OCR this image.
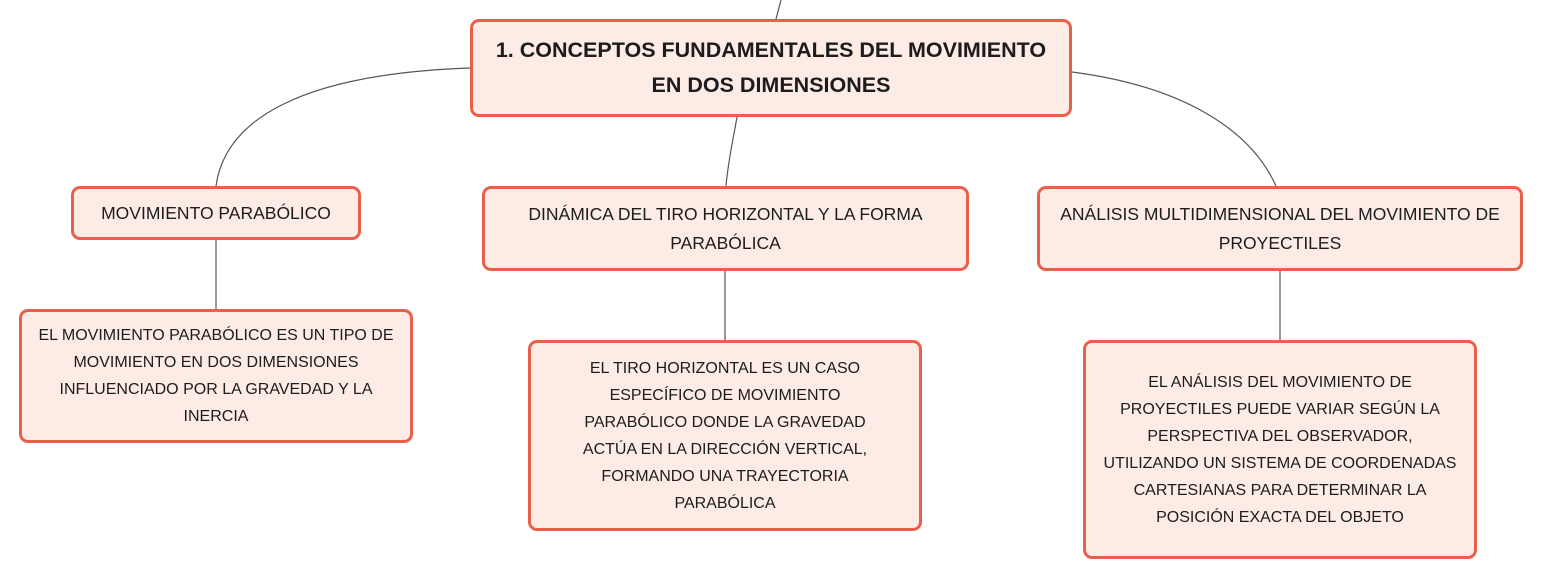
1. CONCEPTOS FUNDAMENTALES DEL MOVIMIENTO EN DOS DIMENSIONES
MOVIMIENTO PARABÓLICO	DINÁMICA DEL TIRO HORIZONTAL Y LA FORMA PARABÓLICA
ANÁLISIS MULTIDIMENSIONAL DEL MOVIMIENTO DE PROYECTILES
EL MOVIMIENTO PARABÓLICO ES UN TIPO DE MOVIMIENTO EN DOS DIMENSIONES INFLUENCIADO POR LA GRAVEDAD Y LA INERCIA
EL TIRO HORIZONTAL ES UN CASO ESPECÍFICO DE MOVIMIENTO PARABÓLICO DONDE LA GRAVEDAD ACTÚA EN LA DIRECCIÓN VERTICAL, FORMANDO UNA TRAYECTORIA PARABÓLICA
EL ANÁLISIS DEL MOVIMIENTO DE PROYECTILES PUEDE VARIAR SEGÚN LA PERSPECTIVA DEL OBSERVADOR, UTILIZANDO UN SISTEMA DE COORDENADAS CARTESIANAS PARA DETERMINAR LA POSICIÓN EXACTA DEL OBJETO
